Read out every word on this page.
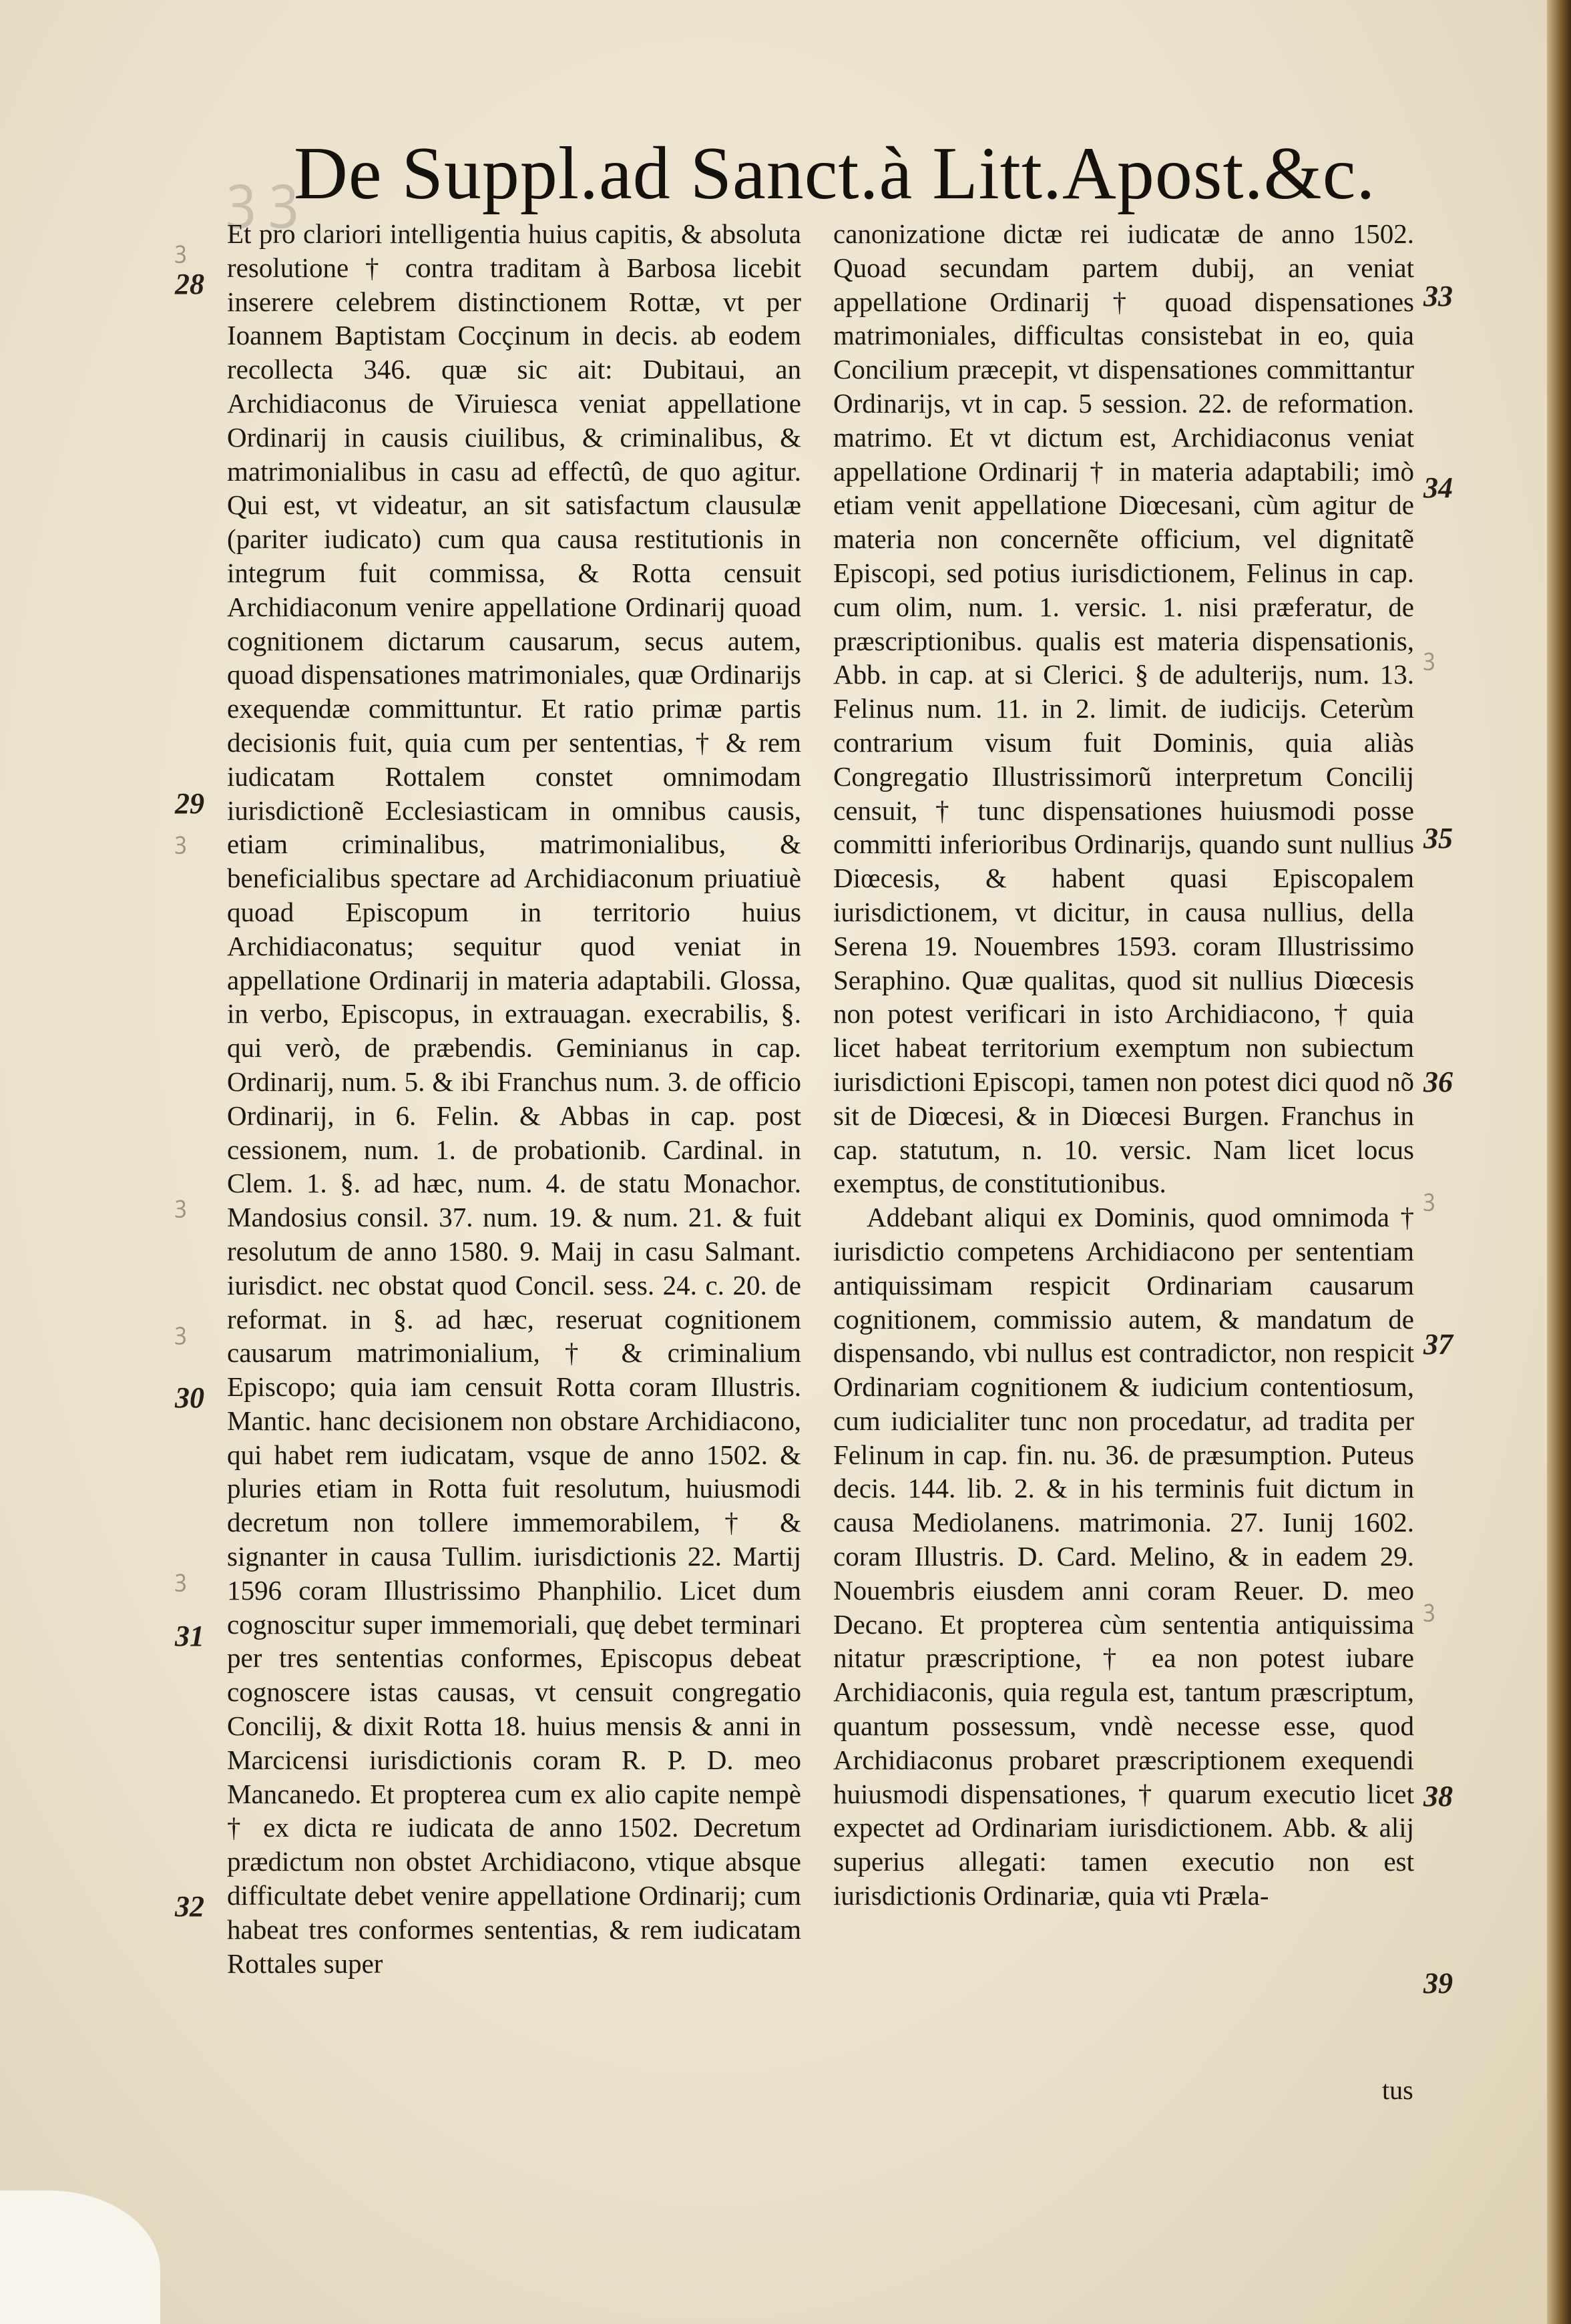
ꝫ ꝫ
De Suppl.ad Sanct.à Litt.Apost.&c.

Et pro clariori intelligentia huius capitis, & absoluta resolutione † contra traditam à Barbosa licebit inserere celebrem distinctionem Rottæ, vt per Ioannem Baptistam Cocçinum in decis. ab eodem recollecta 346. quæ sic ait: Dubitaui, an Archidiaconus de Viruiesca veniat appellatione Ordinarij in causis ciuilibus, & criminalibus, & matrimonialibus in casu ad effectû, de quo agitur. Qui est, vt videatur, an sit satisfactum clausulæ (pariter iudicato) cum qua causa restitutionis in integrum fuit commissa, & Rotta censuit Archidiaconum venire appellatione Ordinarij quoad cognitionem dictarum causarum, secus autem, quoad dispensationes matrimoniales, quæ Ordinarijs exequendæ committuntur. Et ratio primæ partis decisionis fuit, quia cum per sententias, † & rem iudicatam Rottalem constet omnimodam iurisdictionẽ Ecclesiasticam in omnibus causis, etiam criminalibus, matrimonialibus, & beneficialibus spectare ad Archidiaconum priuatiuè quoad Episcopum in territorio huius Archidiaconatus; sequitur quod veniat in appellatione Ordinarij in materia adaptabili. Glossa, in verbo, Episcopus, in extrauagan. execrabilis, §. qui verò, de præbendis. Geminianus in cap. Ordinarij, num. 5. & ibi Franchus num. 3. de officio Ordinarij, in 6. Felin. & Abbas in cap. post cessionem, num. 1. de probationib. Cardinal. in Clem. 1. §. ad hæc, num. 4. de statu Monachor. Mandosius consil. 37. num. 19. & num. 21. & fuit resolutum de anno 1580. 9. Maij in casu Salmant. iurisdict. nec obstat quod Concil. sess. 24. c. 20. de reformat. in §. ad hæc, reseruat cognitionem causarum matrimonialium, † & criminalium Episcopo; quia iam censuit Rotta coram Illustris. Mantic. hanc decisionem non obstare Archidiacono, qui habet rem iudicatam, vsque de anno 1502. & pluries etiam in Rotta fuit resolutum, huiusmodi decretum non tollere immemorabilem, † & signanter in causa Tullim. iurisdictionis 22. Martij 1596 coram Illustrissimo Phanphilio. Licet dum cognoscitur super immemoriali, quę debet terminari per tres sententias conformes, Episcopus debeat cognoscere istas causas, vt censuit congregatio Concilij, & dixit Rotta 18. huius mensis & anni in Marcicensi iurisdictionis coram R. P. D. meo Mancanedo. Et propterea cum ex alio capite nempè † ex dicta re iudicata de anno 1502. Decretum prædictum non obstet Archidiacono, vtique absque difficultate debet venire appellatione Ordinarij; cum habeat tres conformes sententias, & rem iudicatam Rottales super

canonizatione dictæ rei iudicatæ de anno 1502. Quoad secundam partem dubij, an veniat appellatione Ordinarij † quoad dispensationes matrimoniales, difficultas consistebat in eo, quia Concilium præcepit, vt dispensationes committantur Ordinarijs, vt in cap. 5 session. 22. de reformation. matrimo. Et vt dictum est, Archidiaconus veniat appellatione Ordinarij † in materia adaptabili; imò etiam venit appellatione Diœcesani, cùm agitur de materia non concernẽte officium, vel dignitatẽ Episcopi, sed potius iurisdictionem, Felinus in cap. cum olim, num. 1. versic. 1. nisi præferatur, de præscriptionibus. qualis est materia dispensationis, Abb. in cap. at si Clerici. § de adulterijs, num. 13. Felinus num. 11. in 2. limit. de iudicijs. Ceterùm contrarium visum fuit Dominis, quia aliàs Congregatio Illustrissimorũ interpretum Concilij censuit, † tunc dispensationes huiusmodi posse committi inferioribus Ordinarijs, quando sunt nullius Diœcesis, & habent quasi Episcopalem iurisdictionem, vt dicitur, in causa nullius, della Serena 19. Nouembres 1593. coram Illustrissimo Seraphino. Quæ qualitas, quod sit nullius Diœcesis non potest verificari in isto Archidiacono, † quia licet habeat territorium exemptum non subiectum iurisdictioni Episcopi, tamen non potest dici quod nõ sit de Diœcesi, & in Diœcesi Burgen. Franchus in cap. statutum, n. 10. versic. Nam licet locus exemptus, de constitutionibus.

Addebant aliqui ex Dominis, quod omnimoda † iurisdictio competens Archidiacono per sententiam antiquissimam respicit Ordinariam causarum cognitionem, commissio autem, & mandatum de dispensando, vbi nullus est contradictor, non respicit Ordinariam cognitionem & iudicium contentiosum, cum iudicialiter tunc non procedatur, ad tradita per Felinum in cap. fin. nu. 36. de præsumption. Puteus decis. 144. lib. 2. & in his terminis fuit dictum in causa Mediolanens. matrimonia. 27. Iunij 1602. coram Illustris. D. Card. Melino, & in eadem 29. Nouembris eiusdem anni coram Reuer. D. meo Decano. Et propterea cùm sententia antiquissima nitatur præscriptione, † ea non potest iubare Archidiaconis, quia regula est, tantum præscriptum, quantum possessum, vndè necesse esse, quod Archidiaconus probaret præscriptionem exequendi huiusmodi dispensationes, † quarum executio licet expectet ad Ordinariam iurisdictionem. Abb. & alij superius allegati: tamen executio non est iurisdictionis Ordinariæ, quia vti Præla-

tus
28
29
30
31
32
33
34
35
36
37
38
39
ꝫ
ꝫ
ꝫ
ꝫ
ꝫ
ꝫ
ꝫ
ꝫ
